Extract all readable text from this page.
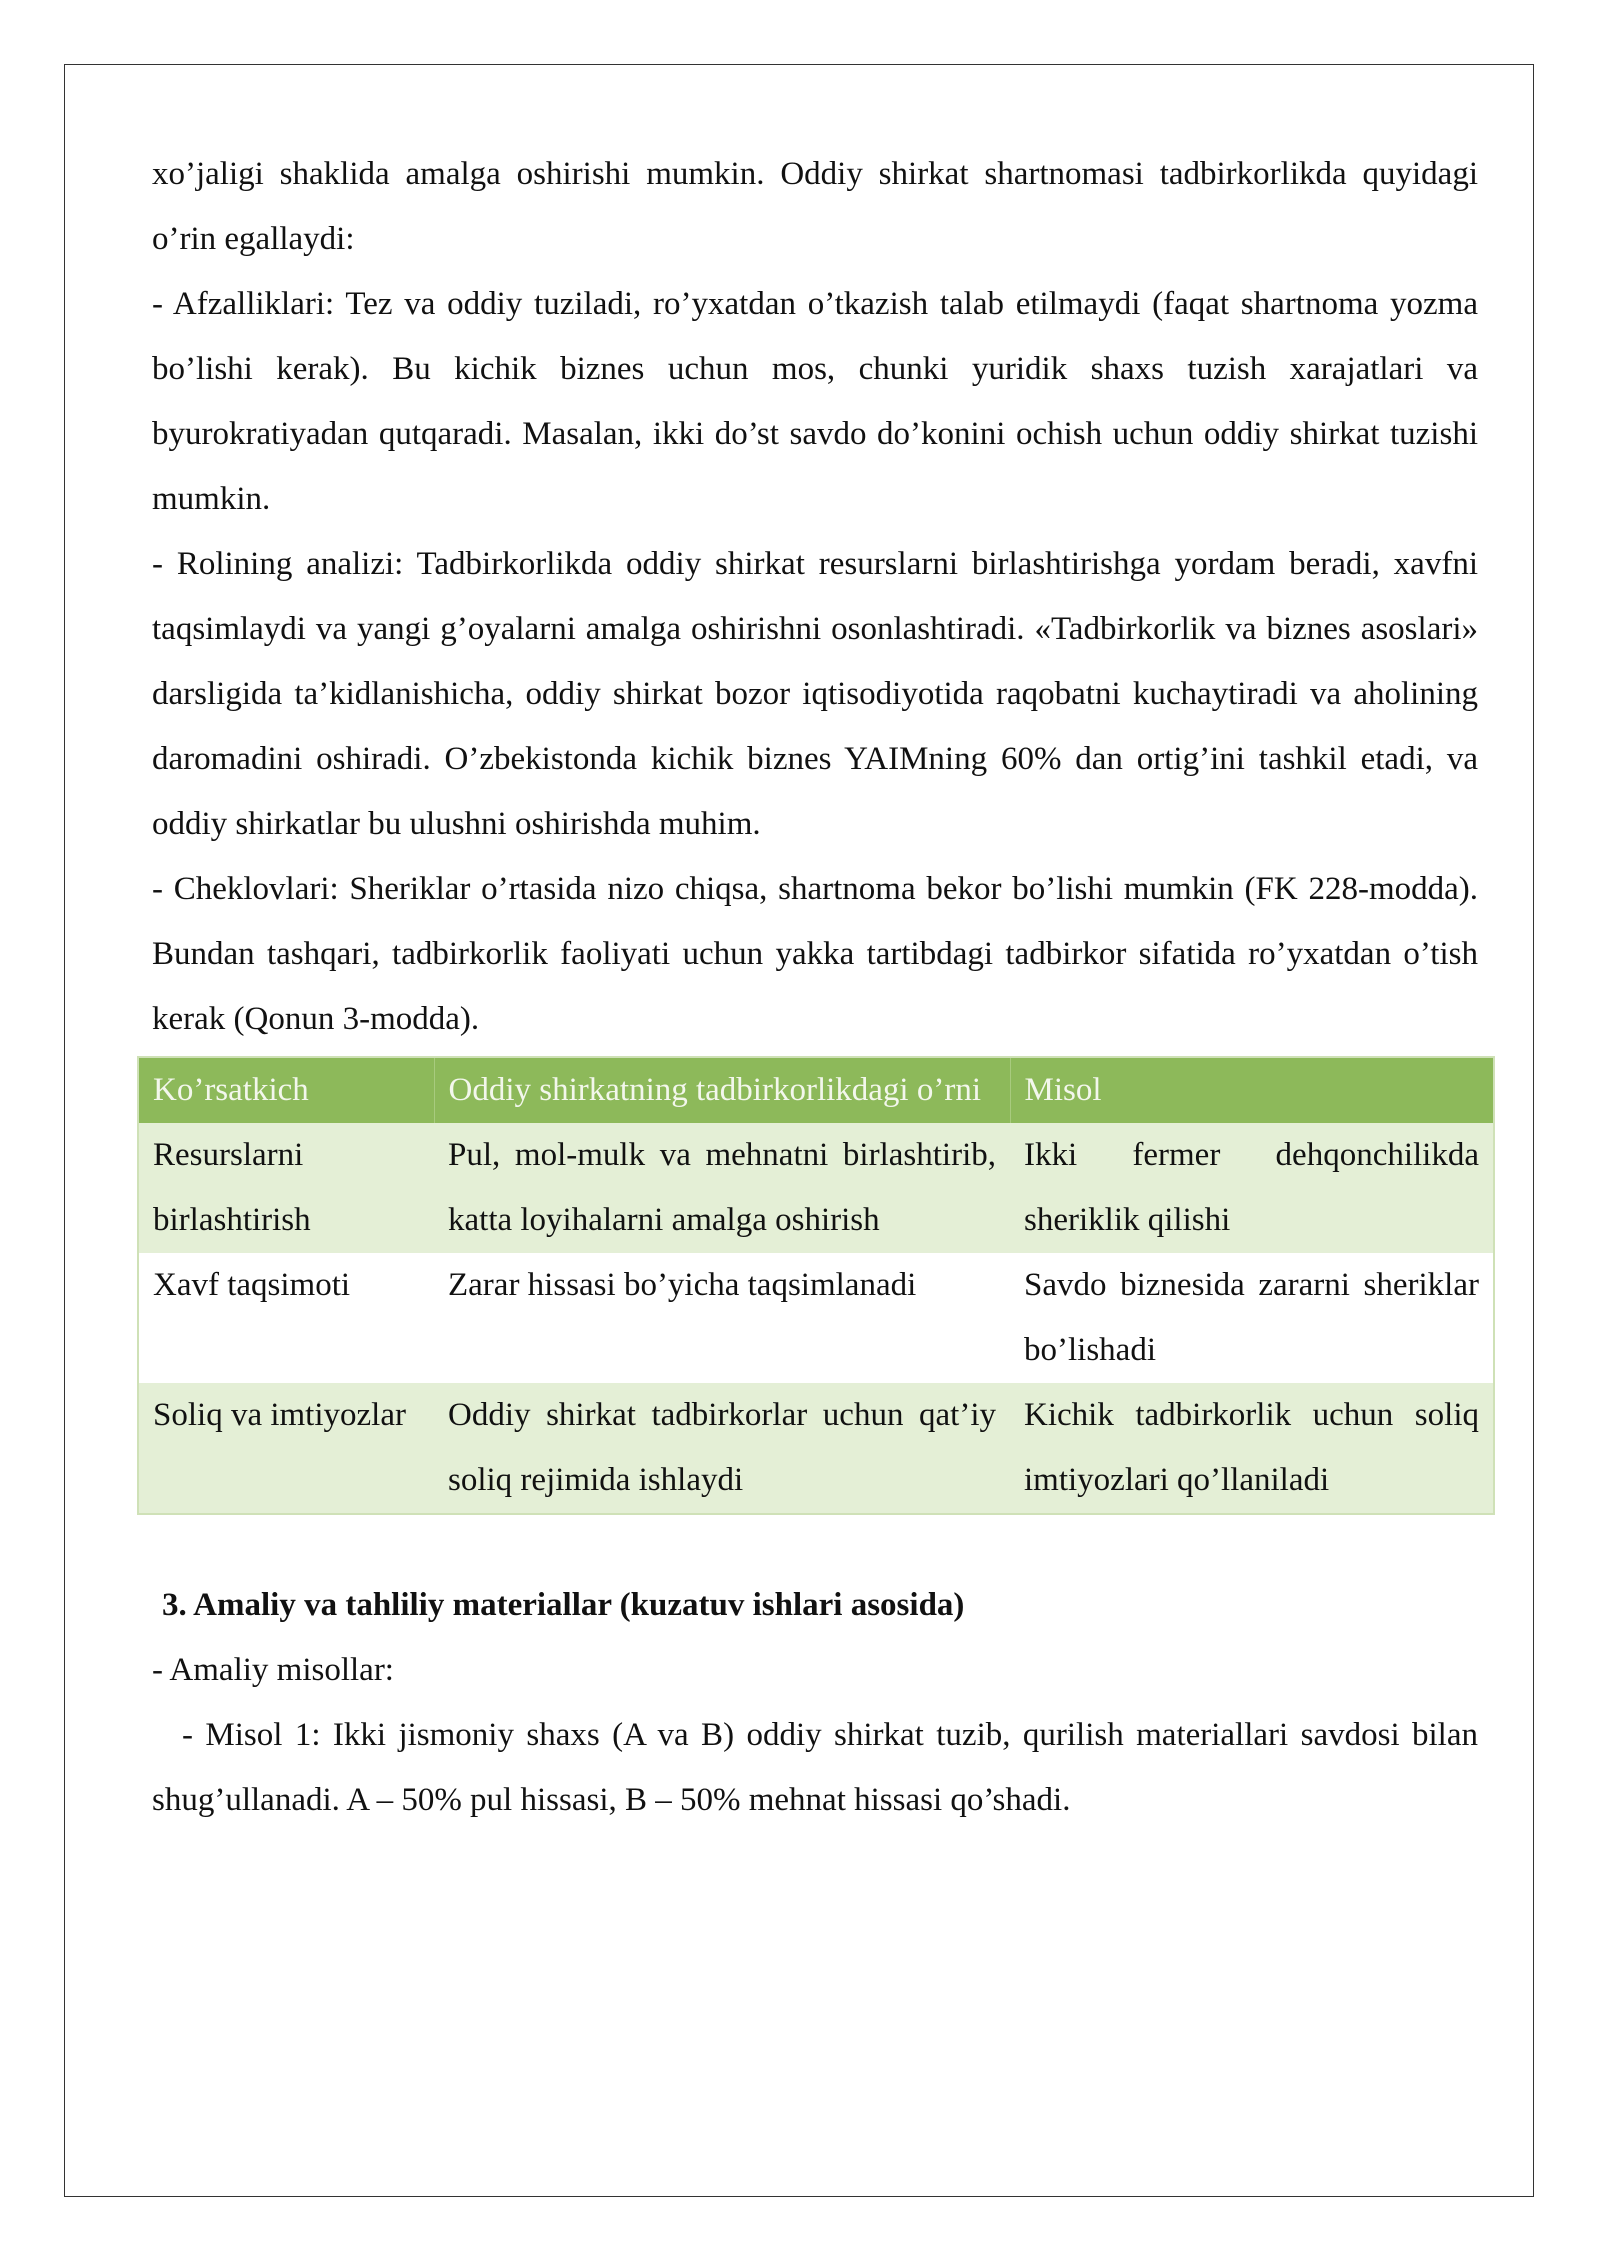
xo’jaligi shaklida amalga oshirishi mumkin. Oddiy shirkat shartnomasi tadbirkorlikda quyidagi o’rin egallaydi:

- Afzalliklari: Tez va oddiy tuziladi, ro’yxatdan o’tkazish talab etilmaydi (faqat shartnoma yozma bo’lishi kerak). Bu kichik biznes uchun mos, chunki yuridik shaxs tuzish xarajatlari va byurokratiyadan qutqaradi. Masalan, ikki do’st savdo do’konini ochish uchun oddiy shirkat tuzishi mumkin.

- Rolining analizi: Tadbirkorlikda oddiy shirkat resurslarni birlashtirishga yordam beradi, xavfni taqsimlaydi va yangi g’oyalarni amalga oshirishni osonlashtiradi. «Tadbirkorlik va biznes asoslari» darsligida ta’kidlanishicha, oddiy shirkat bozor iqtisodiyotida raqobatni kuchaytiradi va aholining daromadini oshiradi. O’zbekistonda kichik biznes YAIMning 60% dan ortig’ini tashkil etadi, va oddiy shirkatlar bu ulushni oshirishda muhim.

- Cheklovlari: Sheriklar o’rtasida nizo chiqsa, shartnoma bekor bo’lishi mumkin (FK 228-modda). Bundan tashqari, tadbirkorlik faoliyati uchun yakka tartibdagi tadbirkor sifatida ro’yxatdan o’tish kerak (Qonun 3-modda).

Ko’rsatkich	Oddiy shirkatning tadbirkorlikdagi o’rni	Misol
Resurslarni birlashtirish	Pul, mol-mulk va mehnatni birlashtirib, katta loyihalarni amalga oshirish	Ikki fermer dehqonchilikda sheriklik qilishi
Xavf taqsimoti	Zarar hissasi bo’yicha taqsimlanadi	Savdo biznesida zararni sheriklar bo’lishadi
Soliq va imtiyozlar	Oddiy shirkat tadbirkorlar uchun qat’iy soliq rejimida ishlaydi	Kichik tadbirkorlik uchun soliq imtiyozlari qo’llaniladi

3. Amaliy va tahliliy materiallar (kuzatuv ishlari asosida)

- Amaliy misollar:

- Misol 1: Ikki jismoniy shaxs (A va B) oddiy shirkat tuzib, qurilish materiallari savdosi bilan shug’ullanadi. A – 50% pul hissasi, B – 50% mehnat hissasi qo’shadi.
